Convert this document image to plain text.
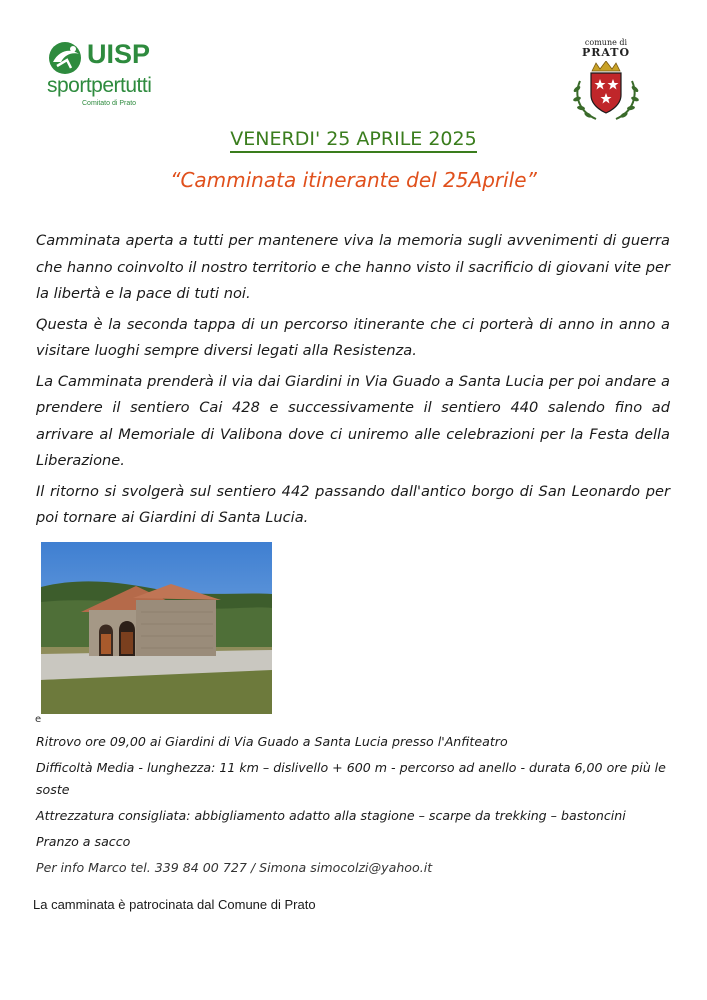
UISP
sportpertutti
Comitato di Prato
comune di
PRATO
VENERDI' 25 APRILE 2025
“Camminata itinerante del 25Aprile”

Camminata aperta a tutti per mantenere viva la memoria sugli avvenimenti di guerra che hanno coinvolto il nostro territorio e che hanno visto il sacrificio di giovani vite per la libertà e la pace di tuti noi.

Questa è la seconda tappa di un percorso itinerante che ci porterà di anno in anno a visitare luoghi sempre diversi legati alla Resistenza.

La Camminata prenderà il via dai Giardini in Via Guado a Santa Lucia per poi andare a prendere il sentiero Cai 428 e successivamente il sentiero 440 salendo fino ad arrivare al Memoriale di Valibona dove ci uniremo alle celebrazioni per la Festa della Liberazione.

Il ritorno si svolgerà sul sentiero 442 passando dall'antico borgo di San Leonardo per poi tornare ai Giardini di Santa Lucia.

e
Ritrovo ore 09,00 ai Giardini di Via Guado a Santa Lucia presso l'Anfiteatro
Difficoltà Media - lunghezza: 11 km – dislivello + 600 m - percorso ad anello - durata 6,00 ore più le soste
Attrezzatura consigliata: abbigliamento adatto alla stagione – scarpe da trekking – bastoncini
Pranzo a sacco
Per info Marco tel. 339 84 00 727 / Simona simocolzi@yahoo.it
La camminata è patrocinata dal Comune di Prato
